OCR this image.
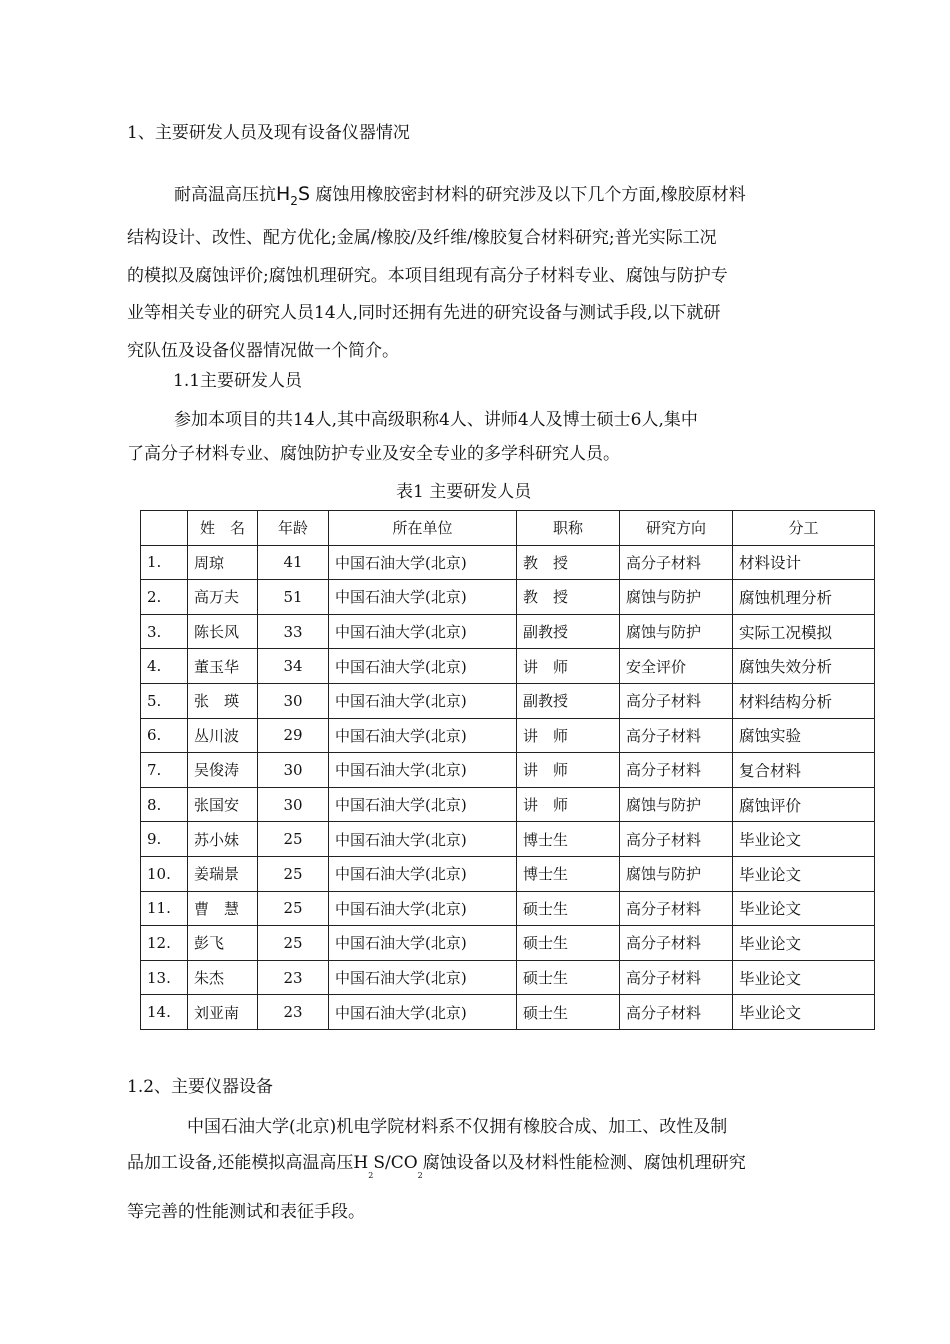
1、主要研发人员及现有设备仪器情况
耐高温高压抗$H_2S$ 腐蚀用橡胶密封材料的研究涉及以下几个方面,橡胶原材料
结构设计、改性、配方优化;金属/橡胶/及纤维/橡胶复合材料研究;普光实际工况
的模拟及腐蚀评价;腐蚀机理研究。本项目组现有高分子材料专业、腐蚀与防护专
业等相关专业的研究人员14人,同时还拥有先进的研究设备与测试手段,以下就研
究队伍及设备仪器情况做一个简介。
1.1主要研发人员
参加本项目的共14人,其中高级职称4人、讲师4人及博士硕士6人,集中
了高分子材料专业、腐蚀防护专业及安全专业的多学科研究人员。
表1 主要研发人员
	姓　名	年龄	所在单位	职称	研究方向	分工
1.	周琼	41	中国石油大学(北京)	教　授	高分子材料	材料设计
2.	高万夫	51	中国石油大学(北京)	教　授	腐蚀与防护	腐蚀机理分析
3.	陈长风	33	中国石油大学(北京)	副教授	腐蚀与防护	实际工况模拟
4.	董玉华	34	中国石油大学(北京)	讲　师	安全评价	腐蚀失效分析
5.	张　瑛	30	中国石油大学(北京)	副教授	高分子材料	材料结构分析
6.	丛川波	29	中国石油大学(北京)	讲　师	高分子材料	腐蚀实验
7.	吴俊涛	30	中国石油大学(北京)	讲　师	高分子材料	复合材料
8.	张国安	30	中国石油大学(北京)	讲　师	腐蚀与防护	腐蚀评价
9.	苏小妹	25	中国石油大学(北京)	博士生	高分子材料	毕业论文
10.	姜瑞景	25	中国石油大学(北京)	博士生	腐蚀与防护	毕业论文
11.	曹　慧	25	中国石油大学(北京)	硕士生	高分子材料	毕业论文
12.	彭飞	25	中国石油大学(北京)	硕士生	高分子材料	毕业论文
13.	朱杰	23	中国石油大学(北京)	硕士生	高分子材料	毕业论文
14.	刘亚南	23	中国石油大学(北京)	硕士生	高分子材料	毕业论文
1.2、主要仪器设备
中国石油大学(北京)机电学院材料系不仅拥有橡胶合成、加工、改性及制
品加工设备,还能模拟高温高压$H_2S/CO_2$腐蚀设备以及材料性能检测、腐蚀机理研究
等完善的性能测试和表征手段。
